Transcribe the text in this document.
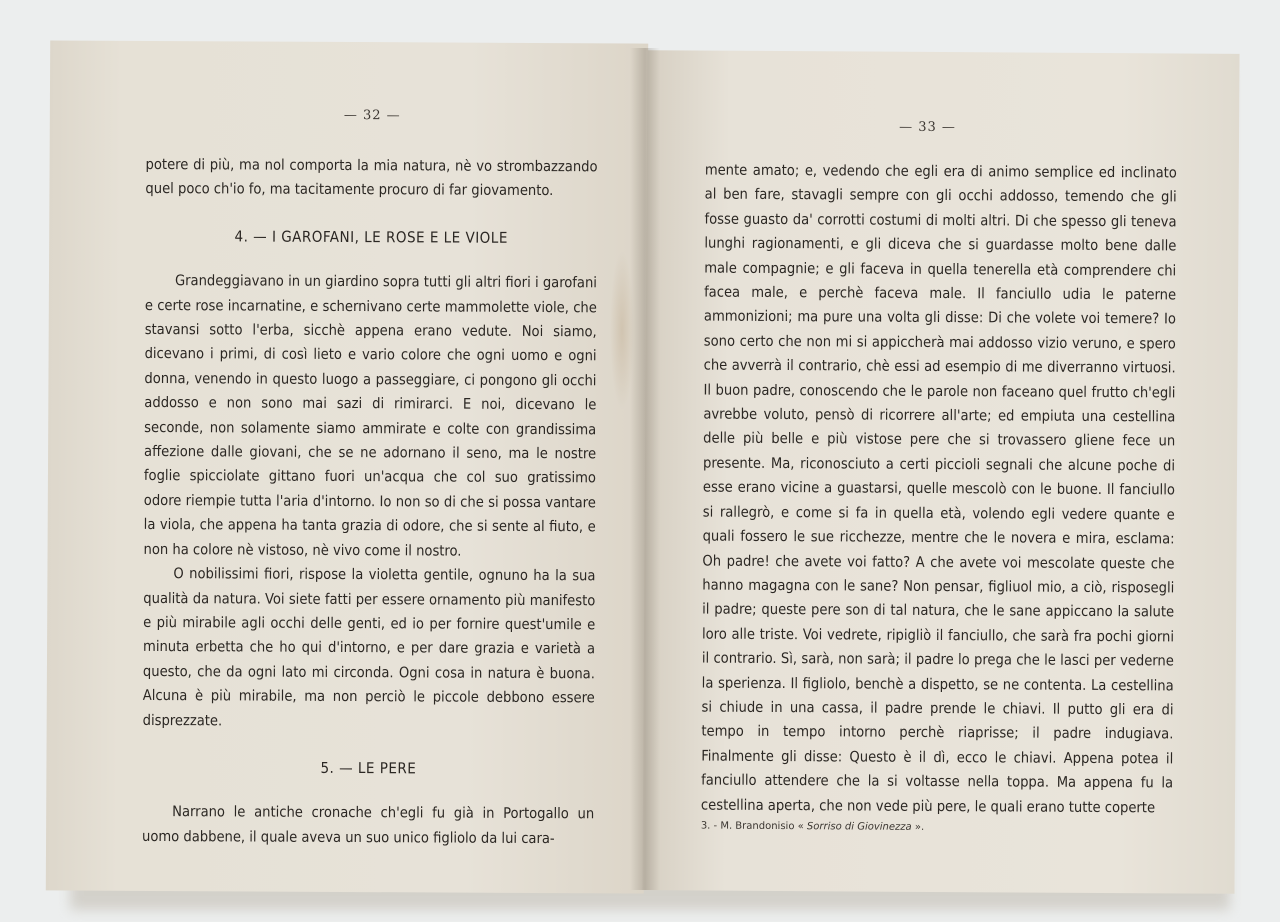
— 32 —

potere di più, ma nol comporta la mia natura, nè vo strombazzando quel poco ch'io fo, ma tacitamente procuro di far giovamento.

4. — I GAROFANI, LE ROSE E LE VIOLE

Grandeggiavano in un giardino sopra tutti gli altri fiori i garofani e certe rose incarnatine, e schernivano certe mammolette viole, che stavansi sotto l'erba, sicchè appena erano vedute. Noi siamo, dicevano i primi, di così lieto e vario colore che ogni uomo e ogni donna, venendo in questo luogo a passeggiare, ci pongono gli occhi addosso e non sono mai sazi di rimirarci. E noi, dicevano le seconde, non solamente siamo ammirate e colte con grandissima affezione dalle giovani, che se ne adornano il seno, ma le nostre foglie spicciolate gittano fuori un'acqua che col suo gratissimo odore riempie tutta l'aria d'intorno. Io non so di che si possa vantare la viola, che appena ha tanta grazia di odore, che si sente al fiuto, e non ha colore nè vistoso, nè vivo come il nostro.

O nobilissimi fiori, rispose la violetta gentile, ognuno ha la sua qualità da natura. Voi siete fatti per essere ornamento più manifesto e più mirabile agli occhi delle genti, ed io per fornire quest'umile e minuta erbetta che ho qui d'intorno, e per dare grazia e varietà a questo, che da ogni lato mi circonda. Ogni cosa in natura è buona. Alcuna è più mirabile, ma non perciò le piccole debbono essere disprezzate.

5. — LE PERE

Narrano le antiche cronache ch'egli fu già in Portogallo un uomo dabbene, il quale aveva un suo unico figliolo da lui cara-

— 33 —

mente amato; e, vedendo che egli era di animo semplice ed inclinato al ben fare, stavagli sempre con gli occhi addosso, temendo che gli fosse guasto da' corrotti costumi di molti altri. Di che spesso gli teneva lunghi ragionamenti, e gli diceva che si guardasse molto bene dalle male compagnie; e gli faceva in quella tenerella età comprendere chi facea male, e perchè faceva male. Il fanciullo udia le paterne ammonizioni; ma pure una volta gli disse: Di che volete voi temere? Io sono certo che non mi si appiccherà mai addosso vizio veruno, e spero che avverrà il contrario, chè essi ad esempio di me diverranno virtuosi. Il buon padre, conoscendo che le parole non faceano quel frutto ch'egli avrebbe voluto, pensò di ricorrere all'arte; ed empiuta una cestellina delle più belle e più vistose pere che si trovassero gliene fece un presente. Ma, riconosciuto a certi piccioli segnali che alcune poche di esse erano vicine a guastarsi, quelle mescolò con le buone. Il fanciullo si rallegrò, e come si fa in quella età, volendo egli vedere quante e quali fossero le sue ricchezze, mentre che le novera e mira, esclama: Oh padre! che avete voi fatto? A che avete voi mescolate queste che hanno magagna con le sane? Non pensar, figliuol mio, a ciò, risposegli il padre; queste pere son di tal natura, che le sane appiccano la salute loro alle triste. Voi vedrete, ripigliò il fanciullo, che sarà fra pochi giorni il contrario. Sì, sarà, non sarà; il padre lo prega che le lasci per vederne la sperienza. Il figliolo, benchè a dispetto, se ne contenta. La cestellina si chiude in una cassa, il padre prende le chiavi. Il putto gli era di tempo in tempo intorno perchè riaprisse; il padre indugiava. Finalmente gli disse: Questo è il dì, ecco le chiavi. Appena potea il fanciullo attendere che la si voltasse nella toppa. Ma appena fu la cestellina aperta, che non vede più pere, le quali erano tutte coperte

3. - M. Brandonisio « Sorriso di Giovinezza ».
